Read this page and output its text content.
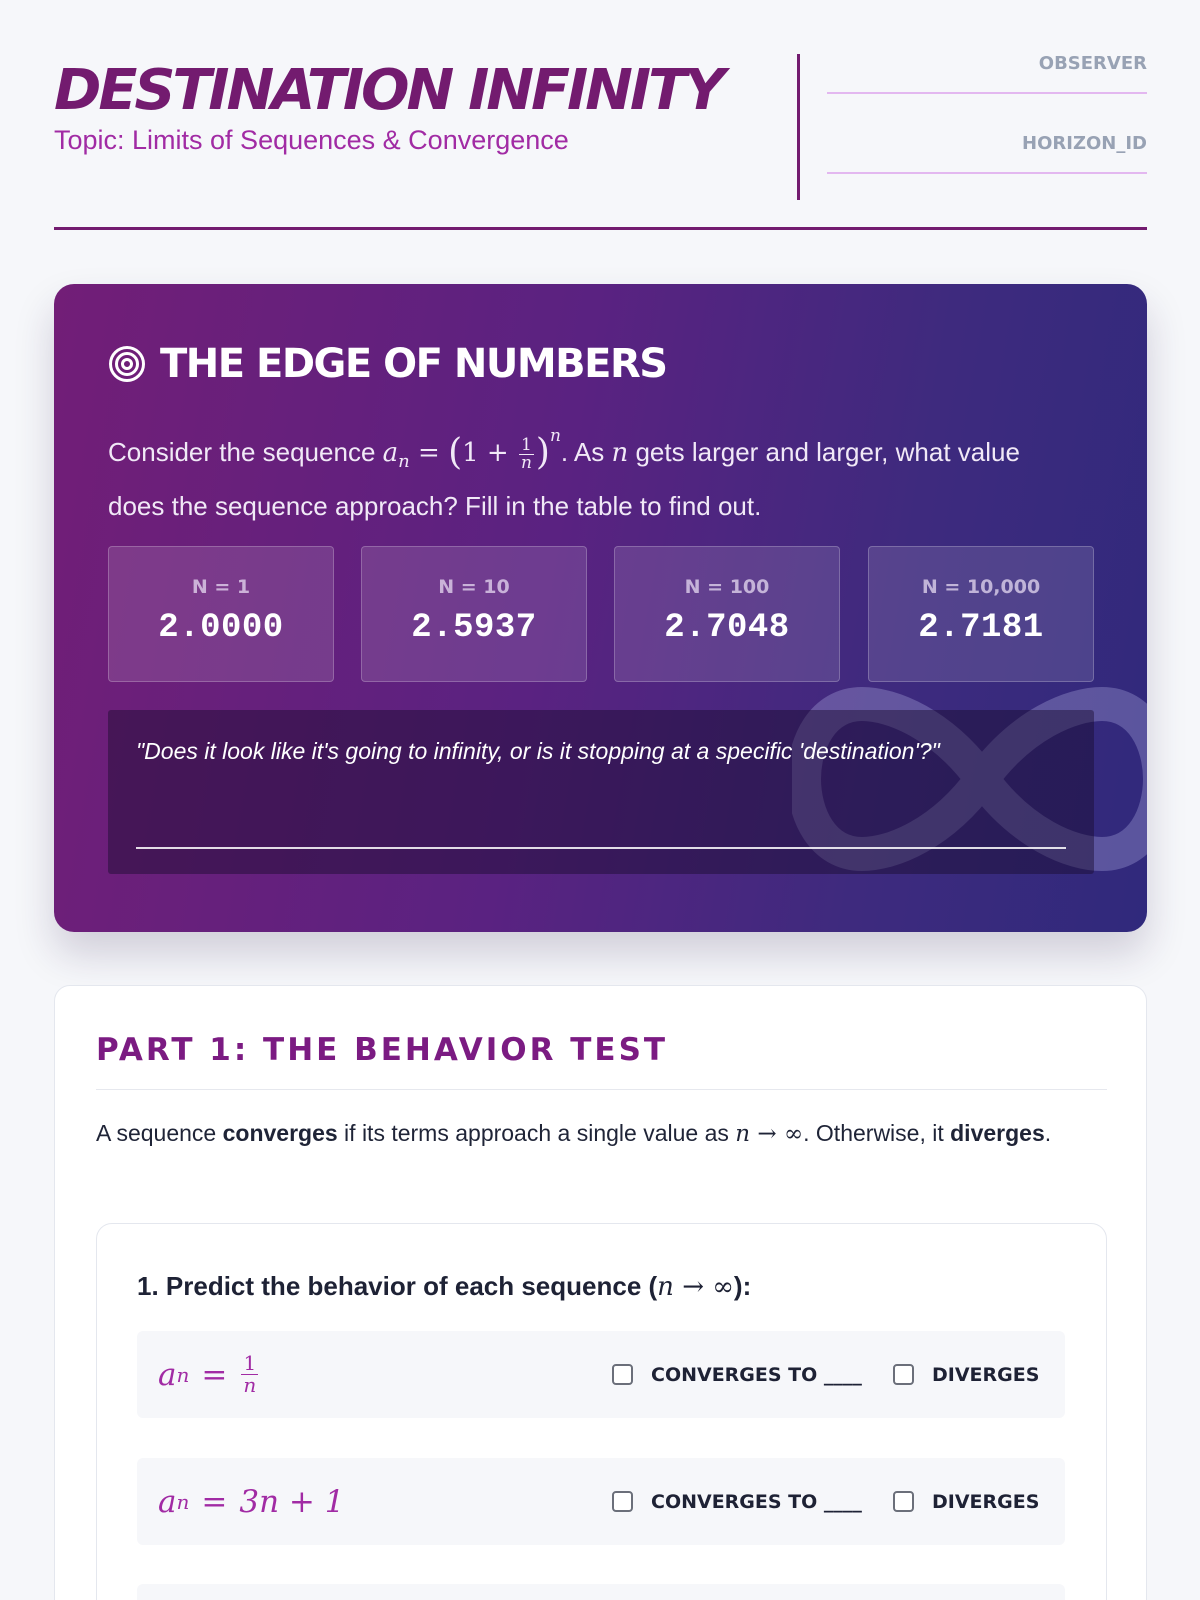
DESTINATION INFINITY
Topic: Limits of Sequences & Convergence
OBSERVER
HORIZON_ID
THE EDGE OF NUMBERS
Consider the sequence $a_n = (1 + \frac{1}{n} )^n$. As n gets larger and larger, what value does the sequence approach? Fill in the table to find out.
N = 1
2.0000
N = 10
2.5937
N = 100
2.7048
N = 10,000
2.7181
"Does it look like it's going to infinity, or is it stopping at a specific 'destination'?"
PART 1: THE BEHAVIOR TEST
A sequence converges if its terms approach a single value as n → ∞. Otherwise, it diverges.
1. Predict the behavior of each sequence (n → ∞):
a $n = \frac{1}{n}$	CONVERGES TO ____	DIVERGES
a n = 3n + 1	CONVERGES TO ____	DIVERGES
